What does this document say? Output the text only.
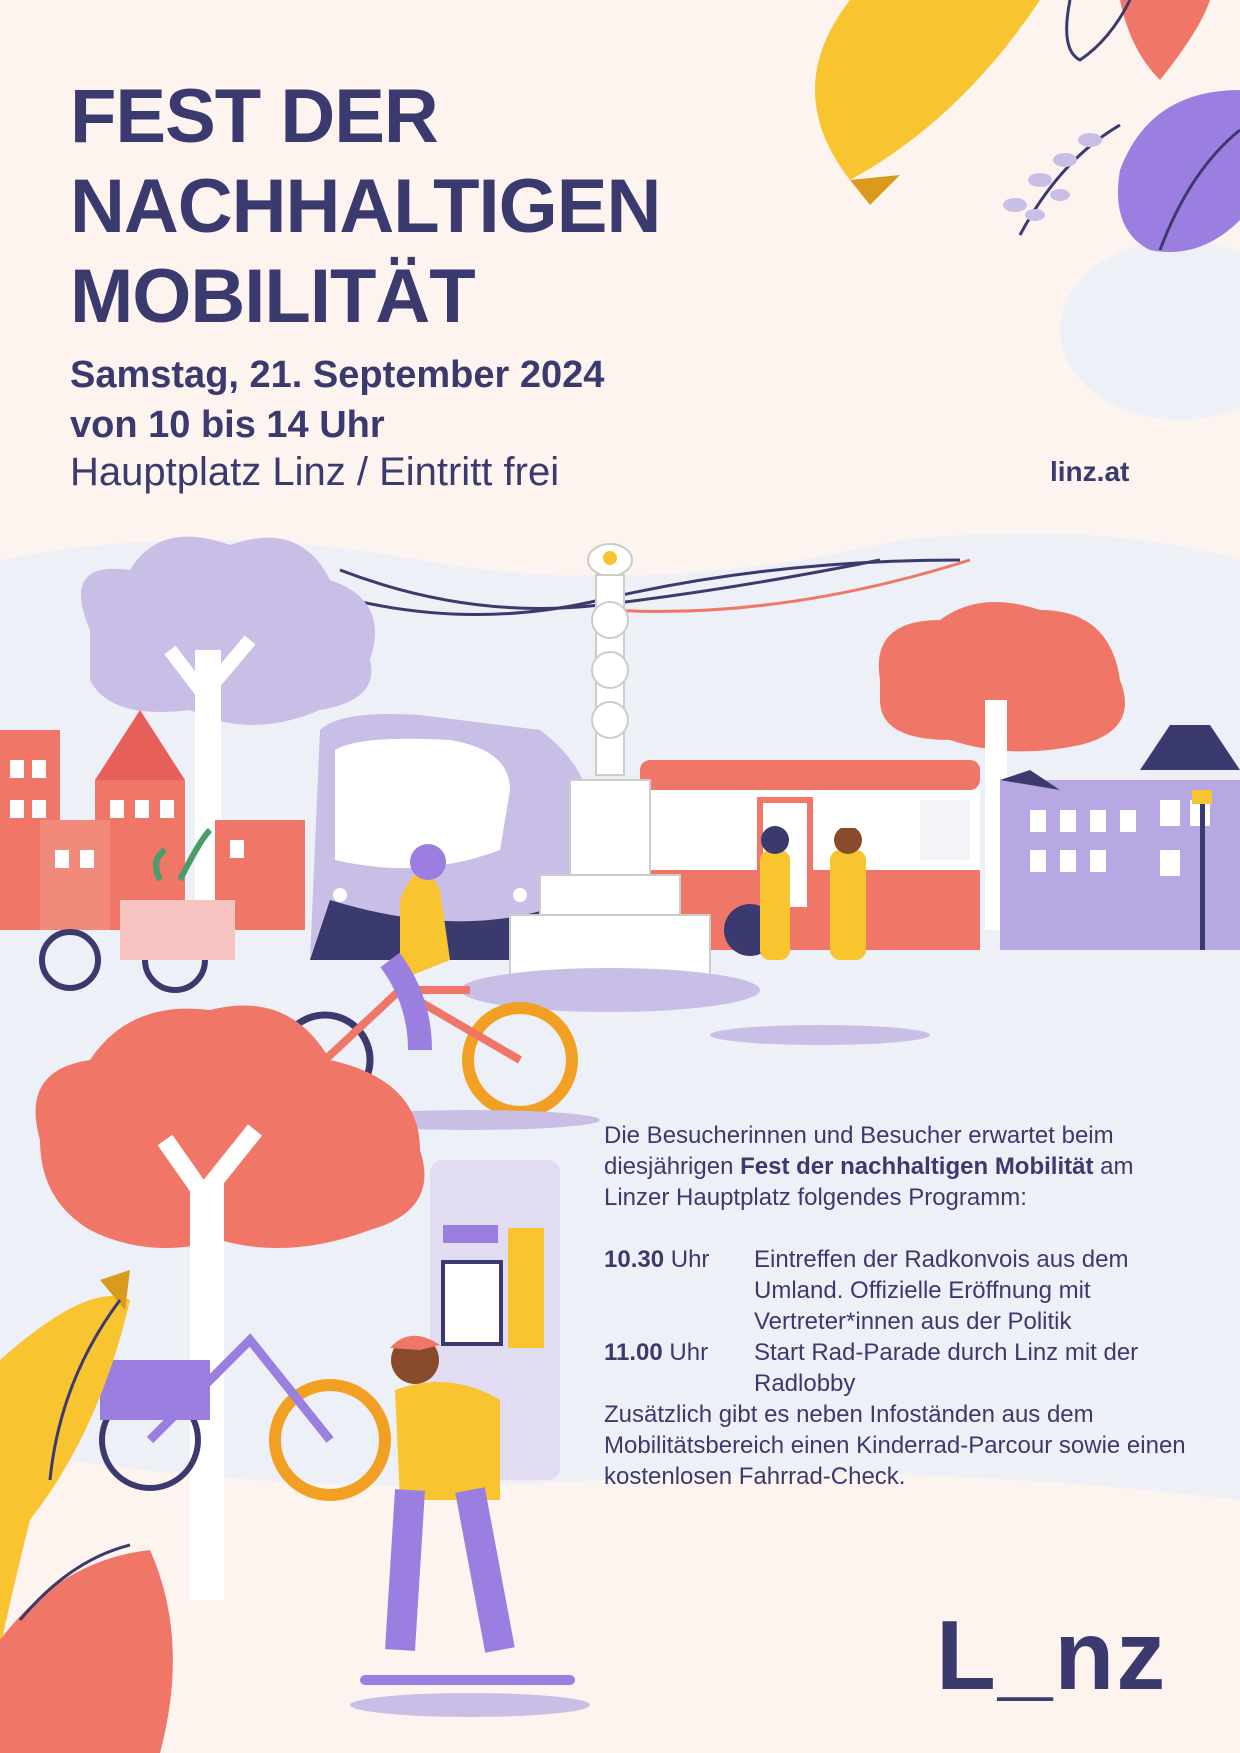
FEST DER
NACHHALTIGEN
MOBILITÄT
Samstag, 21. September 2024
von 10 bis 14 Uhr
Hauptplatz Linz / Eintritt frei	linz.at

Die Besucherinnen und Besucher erwartet beim diesjährigen Fest der nachhaltigen Mobilität am Linzer Hauptplatz folgendes Programm:

10.30 Uhr	Eintreffen der Radkonvois aus dem Umland. Offizielle Eröffnung mit Vertreter*innen aus der Politik
11.00 Uhr	Start Rad-Parade durch Linz mit der Radlobby

Zusätzlich gibt es neben Infoständen aus dem Mobilitätsbereich einen Kinderrad-Parcour sowie einen kostenlosen Fahrrad-Check.

L_nz
